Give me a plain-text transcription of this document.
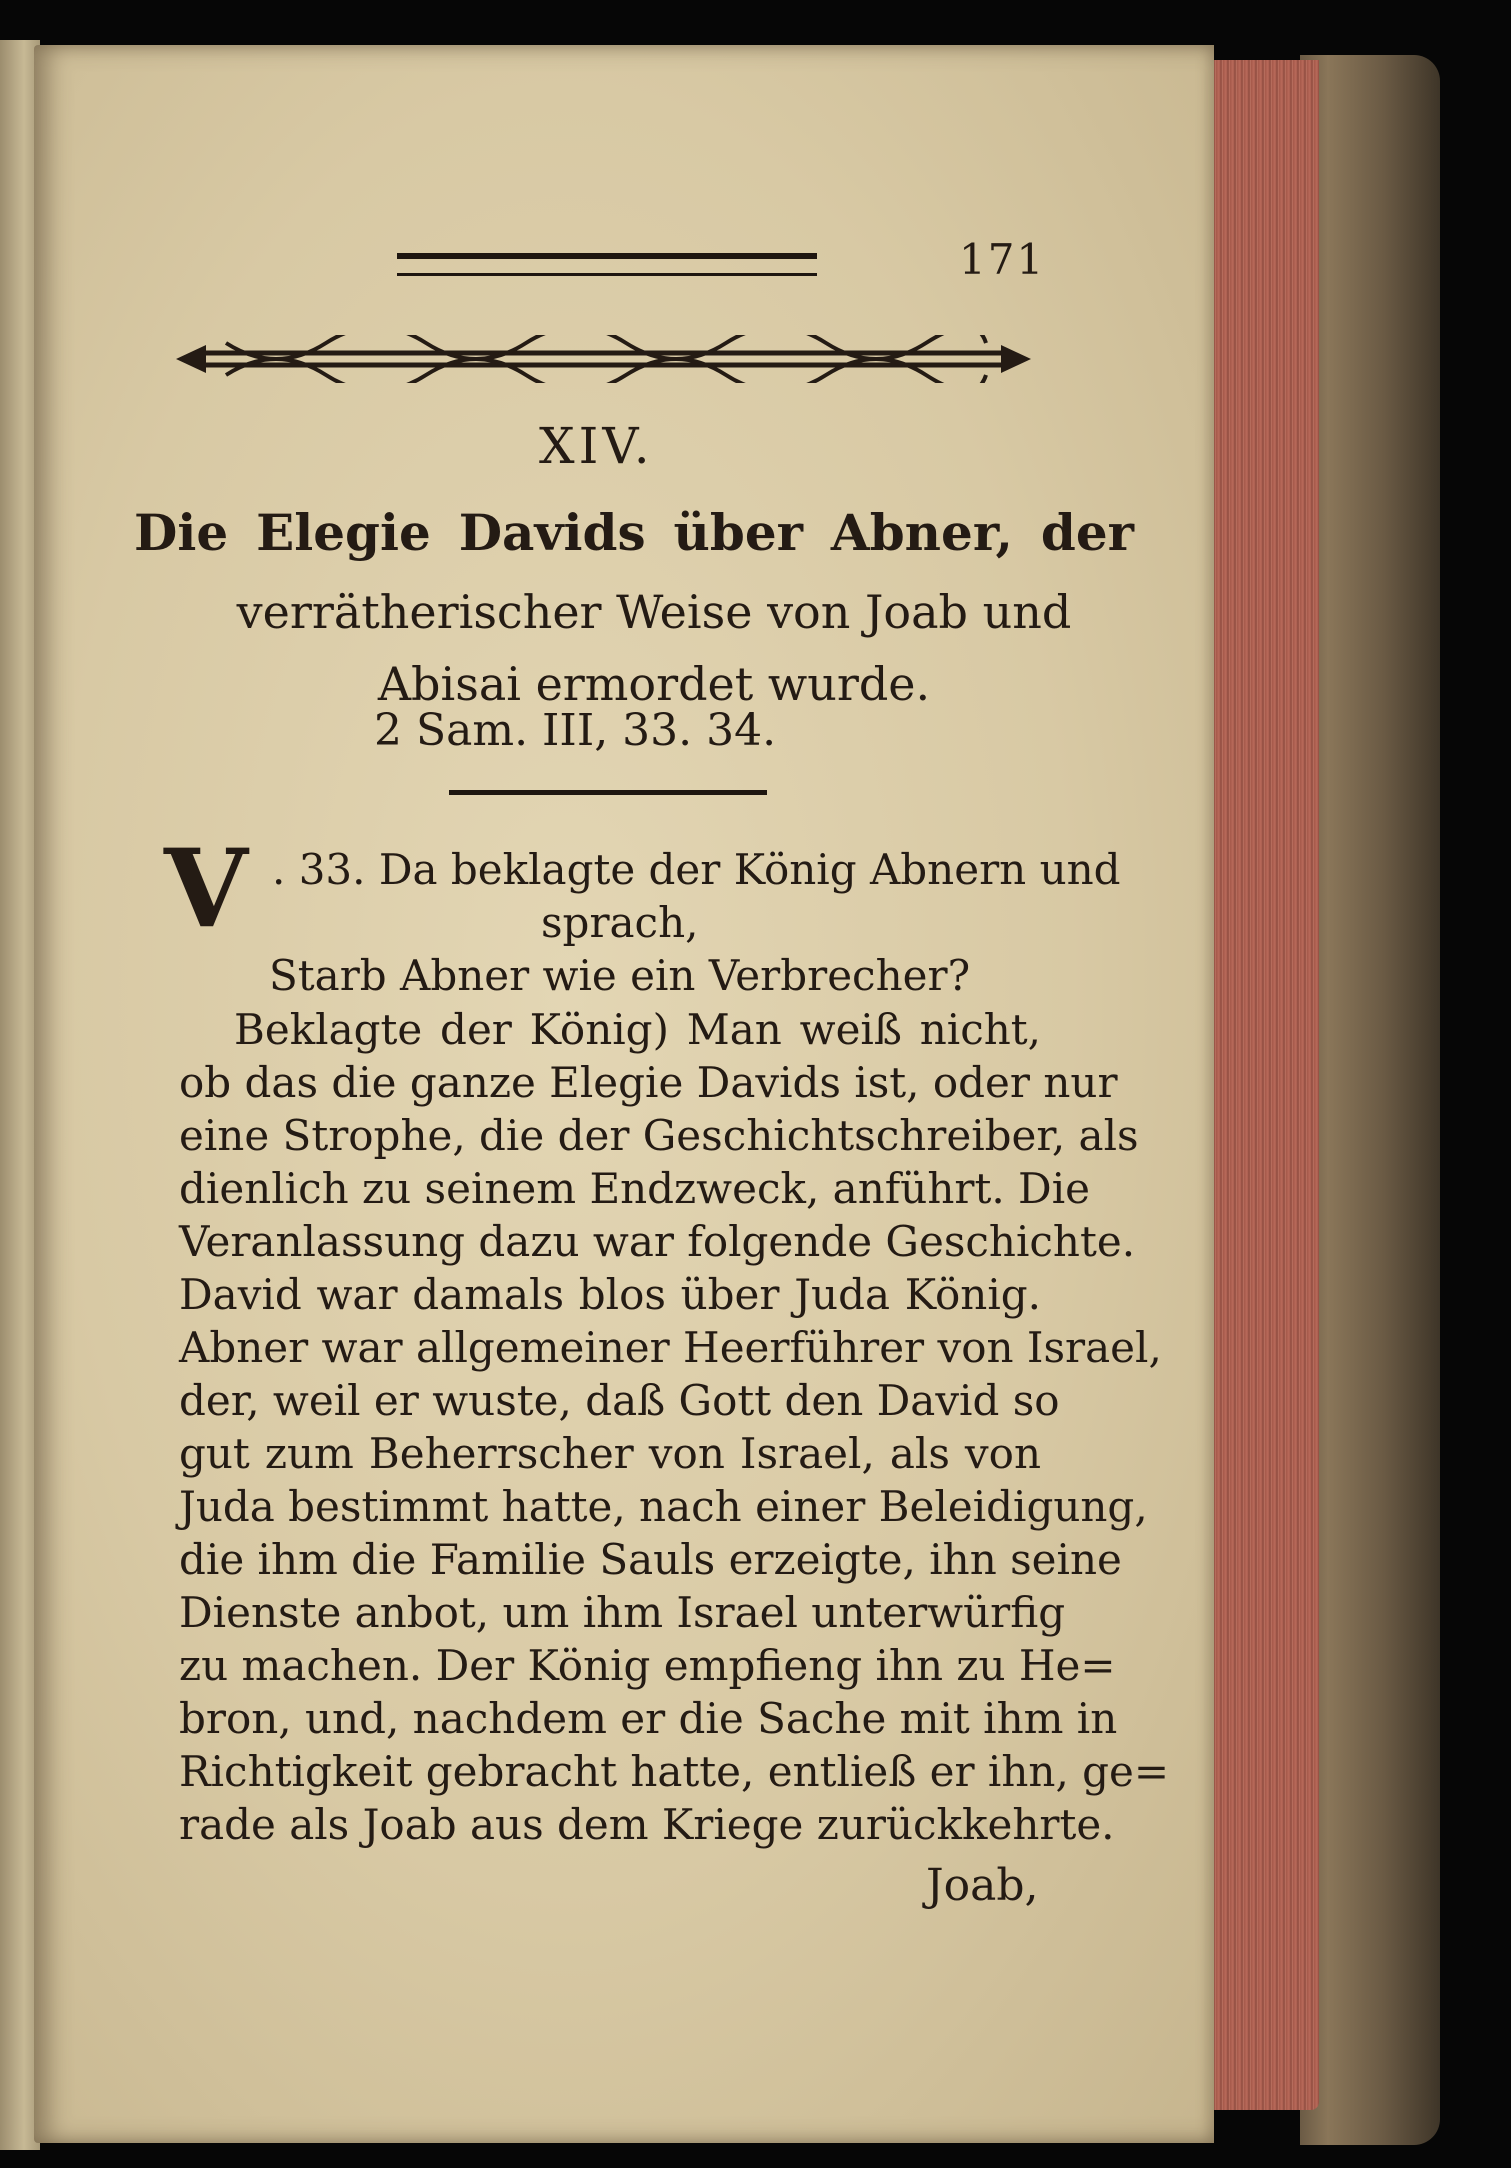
171
XIV.
Die Elegie Davids über Abner, der
verrätherischer Weise von Joab und
Abisai ermordet wurde.
2 Sam. III, 33. 34.
V . 33. Da beklagte der König Abnern und
sprach,
Starb Abner wie ein Verbrecher?
Beklagte der König) Man weiß nicht,
ob das die ganze Elegie Davids ist, oder nur
eine Strophe, die der Geschichtschreiber, als
dienlich zu seinem Endzweck, anführt. Die
Veranlassung dazu war folgende Geschichte.
David war damals blos über Juda König.
Abner war allgemeiner Heerführer von Israel,
der, weil er wuste, daß Gott den David so
gut zum Beherrscher von Israel, als von
Juda bestimmt hatte, nach einer Beleidigung,
die ihm die Familie Sauls erzeigte, ihn seine
Dienste anbot, um ihm Israel unterwürfig
zu machen. Der König empfieng ihn zu He=
bron, und, nachdem er die Sache mit ihm in
Richtigkeit gebracht hatte, entließ er ihn, ge=
rade als Joab aus dem Kriege zurückkehrte.
Joab,
